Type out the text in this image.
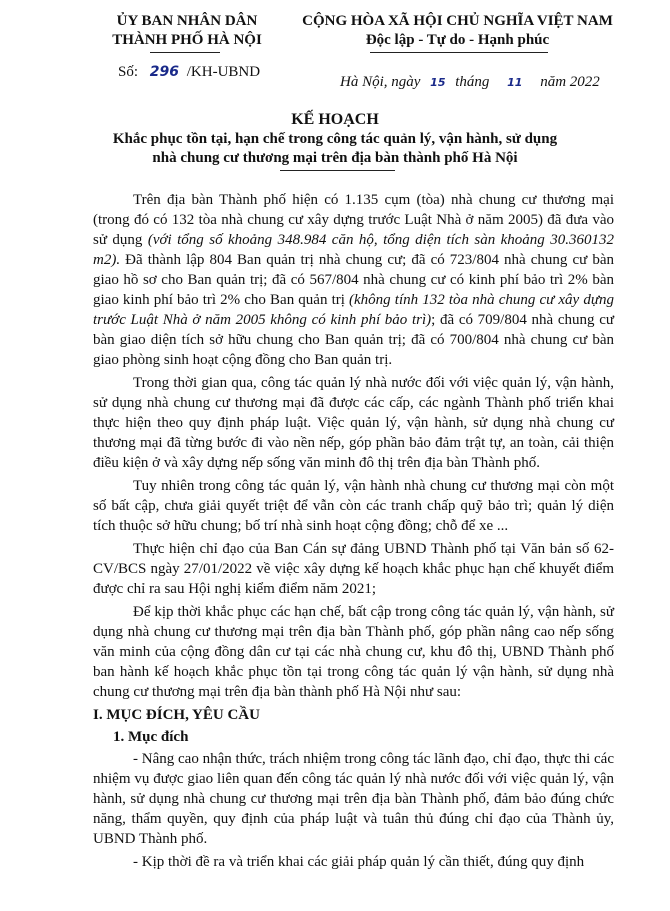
ỦY BAN NHÂN DÂN
THÀNH PHỐ HÀ NỘI
Số: 296 /KH-UBND
CỘNG HÒA XÃ HỘI CHỦ NGHĨA VIỆT NAM
Độc lập - Tự do - Hạnh phúc
Hà Nội, ngày 15 tháng 11 năm 2022
KẾ HOẠCH
Khắc phục tồn tại, hạn chế trong công tác quản lý, vận hành, sử dụng nhà chung cư thương mại trên địa bàn thành phố Hà Nội

Trên địa bàn Thành phố hiện có 1.135 cụm (tòa) nhà chung cư thương mại (trong đó có 132 tòa nhà chung cư xây dựng trước Luật Nhà ở năm 2005) đã đưa vào sử dụng (với tổng số khoảng 348.984 căn hộ, tổng diện tích sàn khoảng 30.360132 m2). Đã thành lập 804 Ban quản trị nhà chung cư; đã có 723/804 nhà chung cư bàn giao hồ sơ cho Ban quản trị; đã có 567/804 nhà chung cư có kinh phí bảo trì 2% bàn giao kinh phí bảo trì 2% cho Ban quản trị (không tính 132 tòa nhà chung cư xây dựng trước Luật Nhà ở năm 2005 không có kinh phí bảo trì); đã có 709/804 nhà chung cư bàn giao diện tích sở hữu chung cho Ban quản trị; đã có 700/804 nhà chung cư bàn giao phòng sinh hoạt cộng đồng cho Ban quản trị.

Trong thời gian qua, công tác quản lý nhà nước đối với việc quản lý, vận hành, sử dụng nhà chung cư thương mại đã được các cấp, các ngành Thành phố triển khai thực hiện theo quy định pháp luật. Việc quản lý, vận hành, sử dụng nhà chung cư thương mại đã từng bước đi vào nền nếp, góp phần bảo đảm trật tự, an toàn, cải thiện điều kiện ở và xây dựng nếp sống văn minh đô thị trên địa bàn Thành phố.

Tuy nhiên trong công tác quản lý, vận hành nhà chung cư thương mại còn một số bất cập, chưa giải quyết triệt để vẫn còn các tranh chấp quỹ bảo trì; quản lý diện tích thuộc sở hữu chung; bố trí nhà sinh hoạt cộng đồng; chỗ để xe ...

Thực hiện chỉ đạo của Ban Cán sự đảng UBND Thành phố tại Văn bản số 62-CV/BCS ngày 27/01/2022 về việc xây dựng kế hoạch khắc phục hạn chế khuyết điểm được chỉ ra sau Hội nghị kiểm điểm năm 2021;

Để kịp thời khắc phục các hạn chế, bất cập trong công tác quản lý, vận hành, sử dụng nhà chung cư thương mại trên địa bàn Thành phố, góp phần nâng cao nếp sống văn minh của cộng đồng dân cư tại các nhà chung cư, khu đô thị, UBND Thành phố ban hành kế hoạch khắc phục tồn tại trong công tác quản lý vận hành, sử dụng nhà chung cư thương mại trên địa bàn thành phố Hà Nội như sau:

I. MỤC ĐÍCH, YÊU CẦU

1. Mục đích

- Nâng cao nhận thức, trách nhiệm trong công tác lãnh đạo, chỉ đạo, thực thi các nhiệm vụ được giao liên quan đến công tác quản lý nhà nước đối với việc quản lý, vận hành, sử dụng nhà chung cư thương mại trên địa bàn Thành phố, đảm bảo đúng chức năng, thẩm quyền, quy định của pháp luật và tuân thủ đúng chỉ đạo của Thành ủy, UBND Thành phố.

- Kịp thời đề ra và triển khai các giải pháp quản lý cần thiết, đúng quy định
